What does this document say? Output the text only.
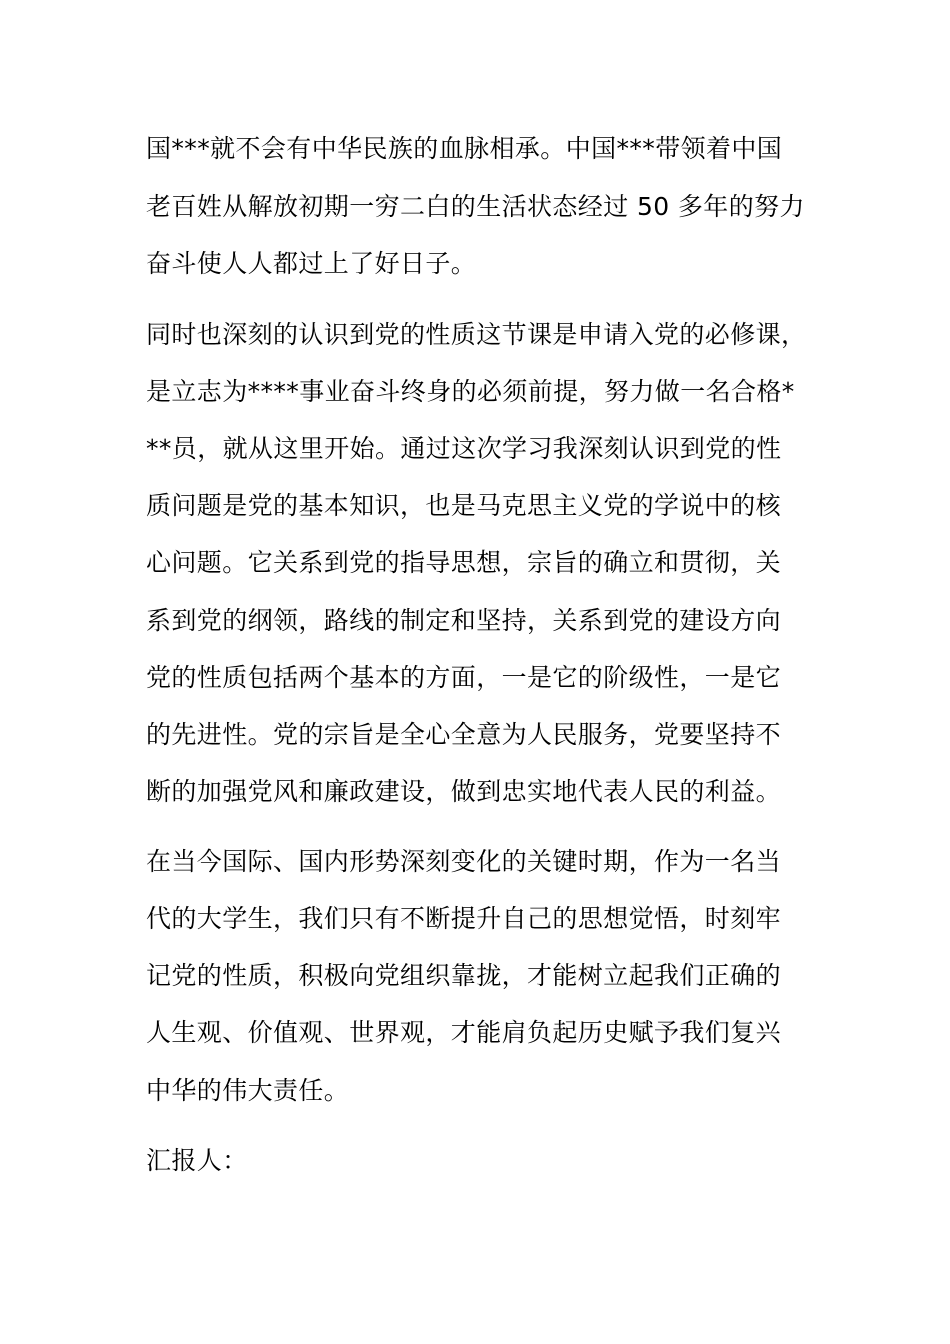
国***就不会有中华民族的血脉相承。中国***带领着中国
老百姓从解放初期一穷二白的生活状态经过 50 多年的努力
奋斗使人人都过上了好日子。
同时也深刻的认识到党的性质这节课是申请入党的必修课，
是立志为****事业奋斗终身的必须前提，努力做一名合格*
**员，就从这里开始。通过这次学习我深刻认识到党的性
质问题是党的基本知识，也是马克思主义党的学说中的核
心问题。它关系到党的指导思想，宗旨的确立和贯彻，关
系到党的纲领，路线的制定和坚持，关系到党的建设方向
党的性质包括两个基本的方面，一是它的阶级性，一是它
的先进性。党的宗旨是全心全意为人民服务，党要坚持不
断的加强党风和廉政建设，做到忠实地代表人民的利益。
在当今国际、国内形势深刻变化的关键时期，作为一名当
代的大学生，我们只有不断提升自己的思想觉悟，时刻牢
记党的性质，积极向党组织靠拢，才能树立起我们正确的
人生观、价值观、世界观，才能肩负起历史赋予我们复兴
中华的伟大责任。
汇报人：
